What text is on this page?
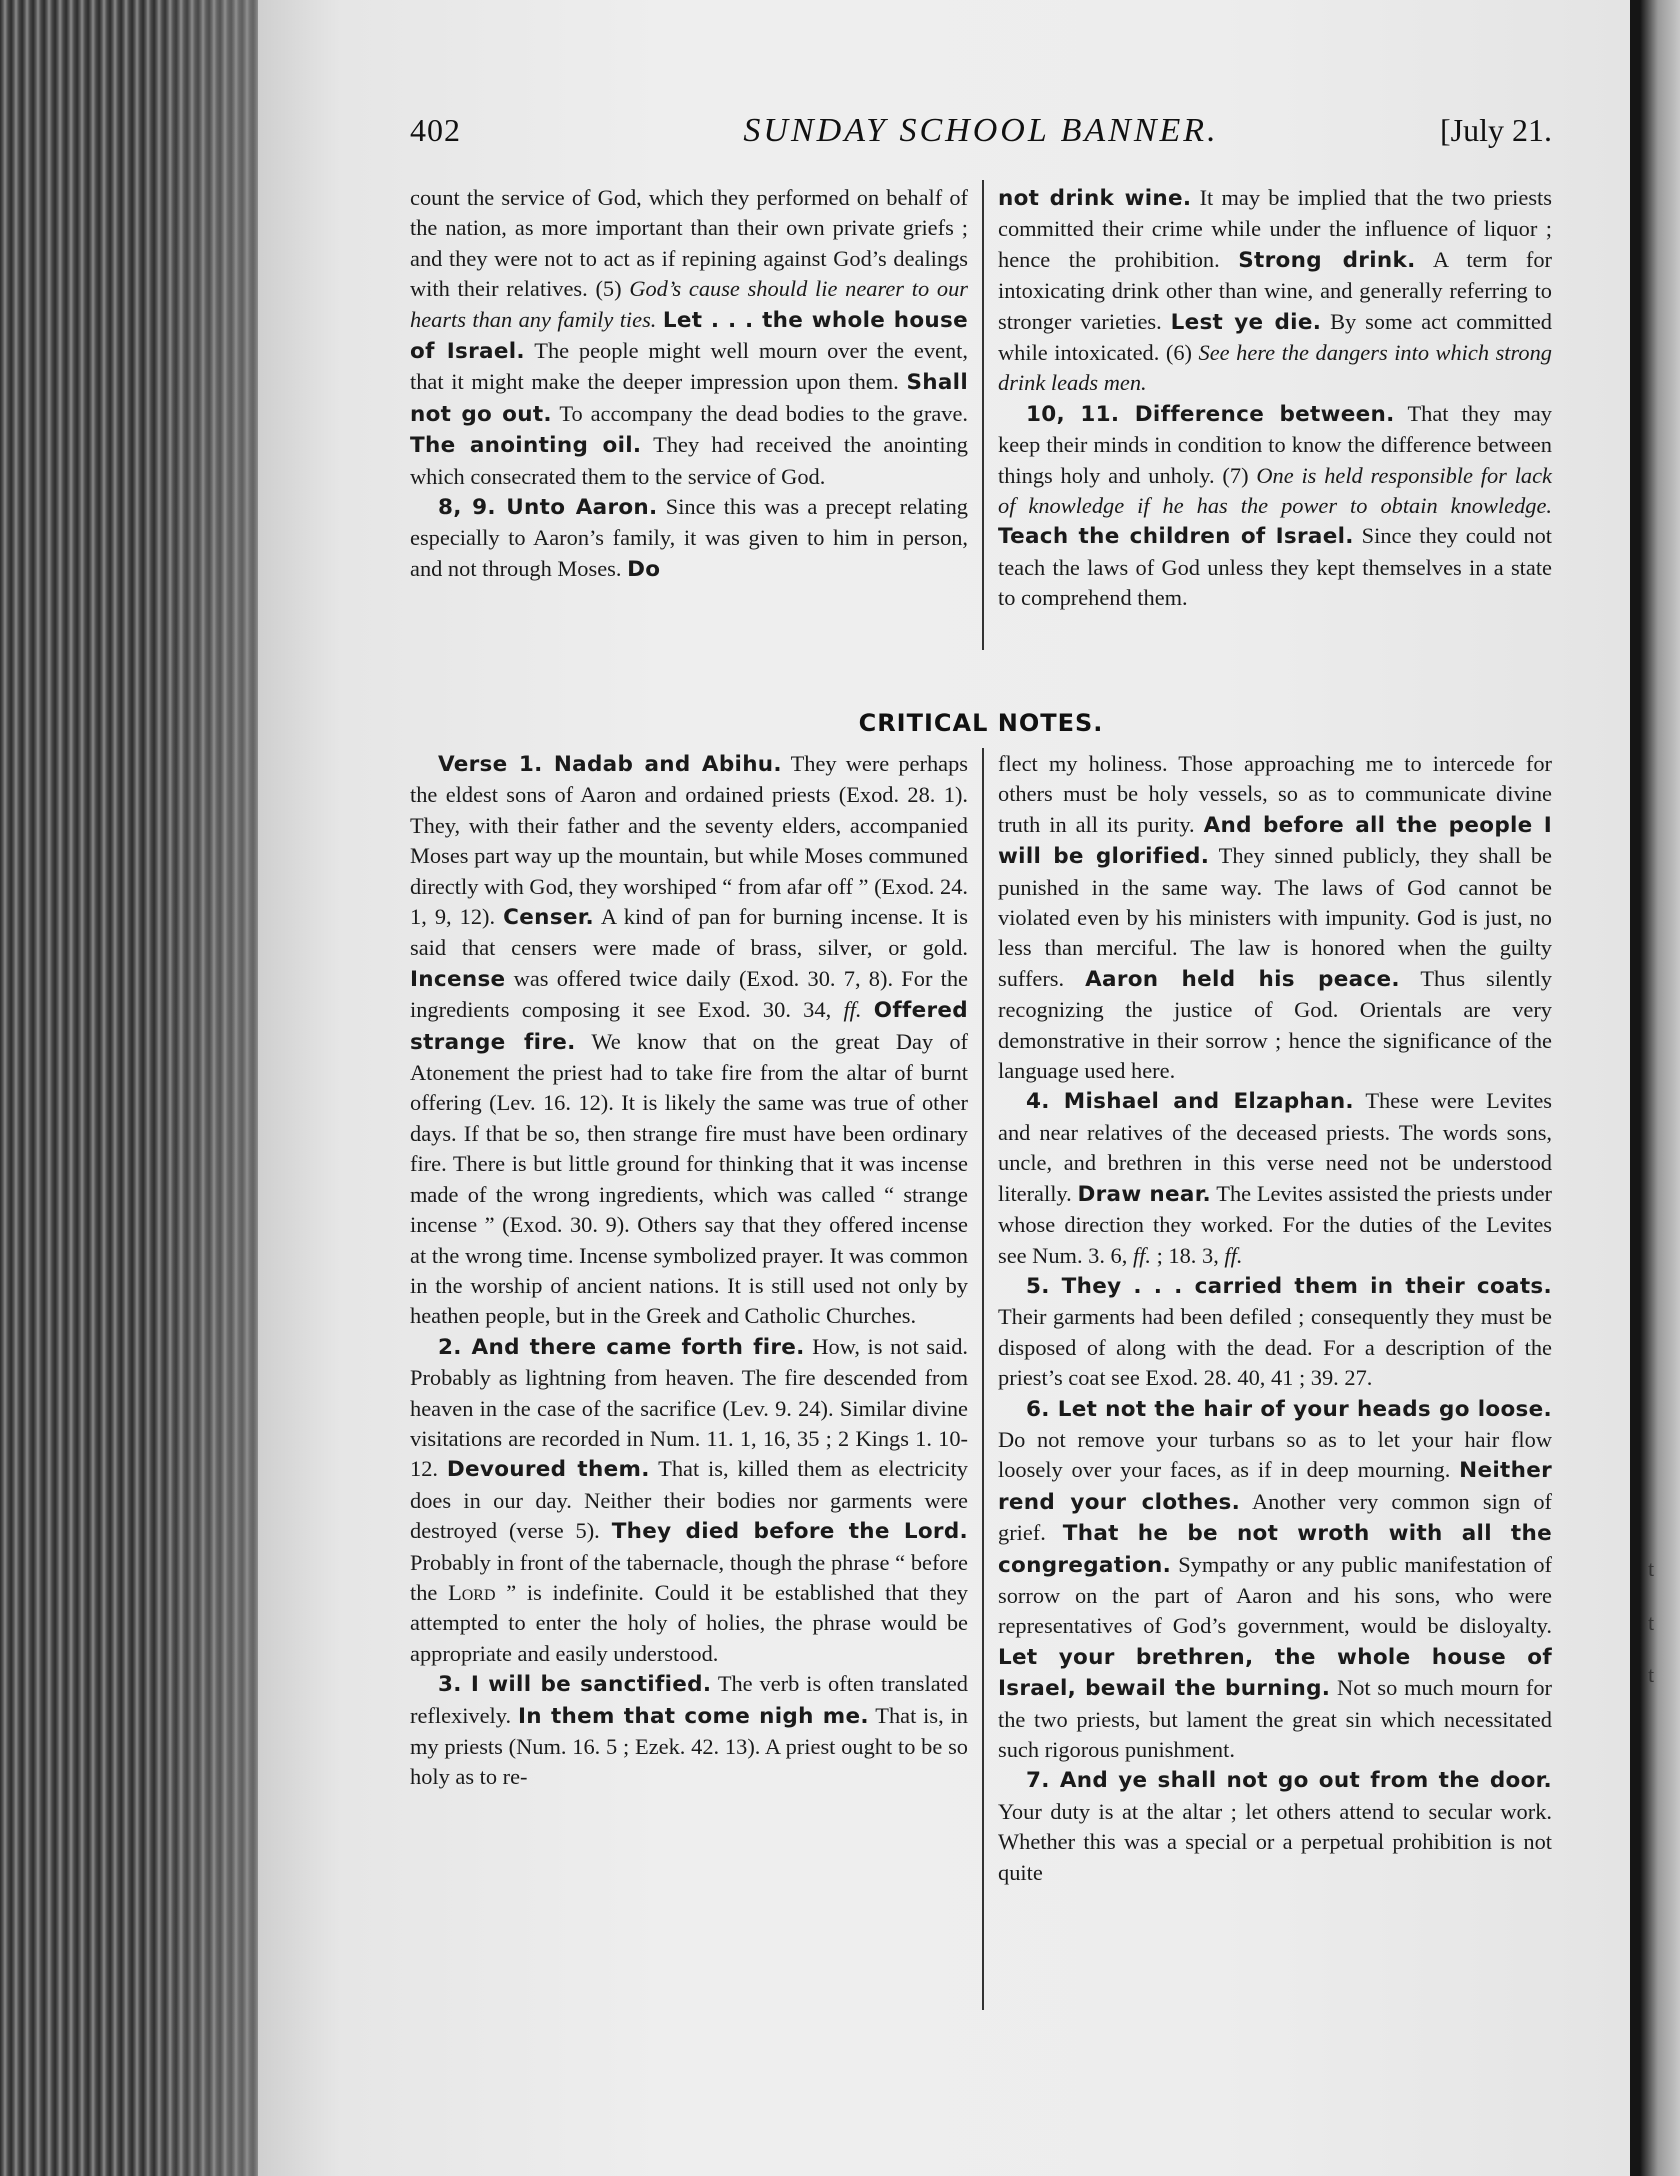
t
t
t
402	SUNDAY SCHOOL BANNER.	[July 21.

count the service of God, which they performed on behalf of the nation, as more important than their own private griefs ; and they were not to act as if repining against God’s dealings with their relatives. (5) God’s cause should lie nearer to our hearts than any family ties. Let . . . the whole house of Israel. The people might well mourn over the event, that it might make the deeper impression upon them. Shall not go out. To accompany the dead bodies to the grave. The anointing oil. They had received the anointing which consecrated them to the service of God.

8, 9. Unto Aaron. Since this was a precept relating especially to Aaron’s family, it was given to him in person, and not through Moses. Do

not drink wine. It may be implied that the two priests committed their crime while under the influence of liquor ; hence the prohibition. Strong drink. A term for intoxicating drink other than wine, and generally referring to stronger varieties. Lest ye die. By some act committed while intoxicated. (6) See here the dangers into which strong drink leads men.

10, 11. Difference between. That they may keep their minds in condition to know the difference between things holy and unholy. (7) One is held responsible for lack of knowledge if he has the power to obtain knowledge. Teach the children of Israel. Since they could not teach the laws of God unless they kept themselves in a state to comprehend them.

CRITICAL NOTES.

Verse 1. Nadab and Abihu. They were perhaps the eldest sons of Aaron and ordained priests (Exod. 28. 1). They, with their father and the seventy elders, accompanied Moses part way up the mountain, but while Moses communed directly with God, they worshiped “ from afar off ” (Exod. 24. 1, 9, 12). Censer. A kind of pan for burning incense. It is said that censers were made of brass, silver, or gold. Incense was offered twice daily (Exod. 30. 7, 8). For the ingredients composing it see Exod. 30. 34, ff. Offered strange fire. We know that on the great Day of Atonement the priest had to take fire from the altar of burnt offering (Lev. 16. 12). It is likely the same was true of other days. If that be so, then strange fire must have been ordinary fire. There is but little ground for thinking that it was incense made of the wrong ingredients, which was called “ strange incense ” (Exod. 30. 9). Others say that they offered incense at the wrong time. Incense symbolized prayer. It was common in the worship of ancient nations. It is still used not only by heathen people, but in the Greek and Catholic Churches.

2. And there came forth fire. How, is not said. Probably as lightning from heaven. The fire descended from heaven in the case of the sacrifice (Lev. 9. 24). Similar divine visitations are recorded in Num. 11. 1, 16, 35 ; 2 Kings 1. 10-12. Devoured them. That is, killed them as electricity does in our day. Neither their bodies nor garments were destroyed (verse 5). They died before the Lord. Probably in front of the tabernacle, though the phrase “ before the Lord ” is indefinite. Could it be established that they attempted to enter the holy of holies, the phrase would be appropriate and easily understood.

3. I will be sanctified. The verb is often translated reflexively. In them that come nigh me. That is, in my priests (Num. 16. 5 ; Ezek. 42. 13). A priest ought to be so holy as to re-

flect my holiness. Those approaching me to intercede for others must be holy vessels, so as to communicate divine truth in all its purity. And before all the people I will be glorified. They sinned publicly, they shall be punished in the same way. The laws of God cannot be violated even by his ministers with impunity. God is just, no less than merciful. The law is honored when the guilty suffers. Aaron held his peace. Thus silently recognizing the justice of God. Orientals are very demonstrative in their sorrow ; hence the significance of the language used here.

4. Mishael and Elzaphan. These were Levites and near relatives of the deceased priests. The words sons, uncle, and brethren in this verse need not be understood literally. Draw near. The Levites assisted the priests under whose direction they worked. For the duties of the Levites see Num. 3. 6, ff. ; 18. 3, ff.

5. They . . . carried them in their coats. Their garments had been defiled ; consequently they must be disposed of along with the dead. For a description of the priest’s coat see Exod. 28. 40, 41 ; 39. 27.

6. Let not the hair of your heads go loose. Do not remove your turbans so as to let your hair flow loosely over your faces, as if in deep mourning. Neither rend your clothes. Another very common sign of grief. That he be not wroth with all the congregation. Sympathy or any public manifestation of sorrow on the part of Aaron and his sons, who were representatives of God’s government, would be disloyalty. Let your brethren, the whole house of Israel, bewail the burning. Not so much mourn for the two priests, but lament the great sin which necessitated such rigorous punishment.

7. And ye shall not go out from the door. Your duty is at the altar ; let others attend to secular work. Whether this was a special or a perpetual prohibition is not quite
